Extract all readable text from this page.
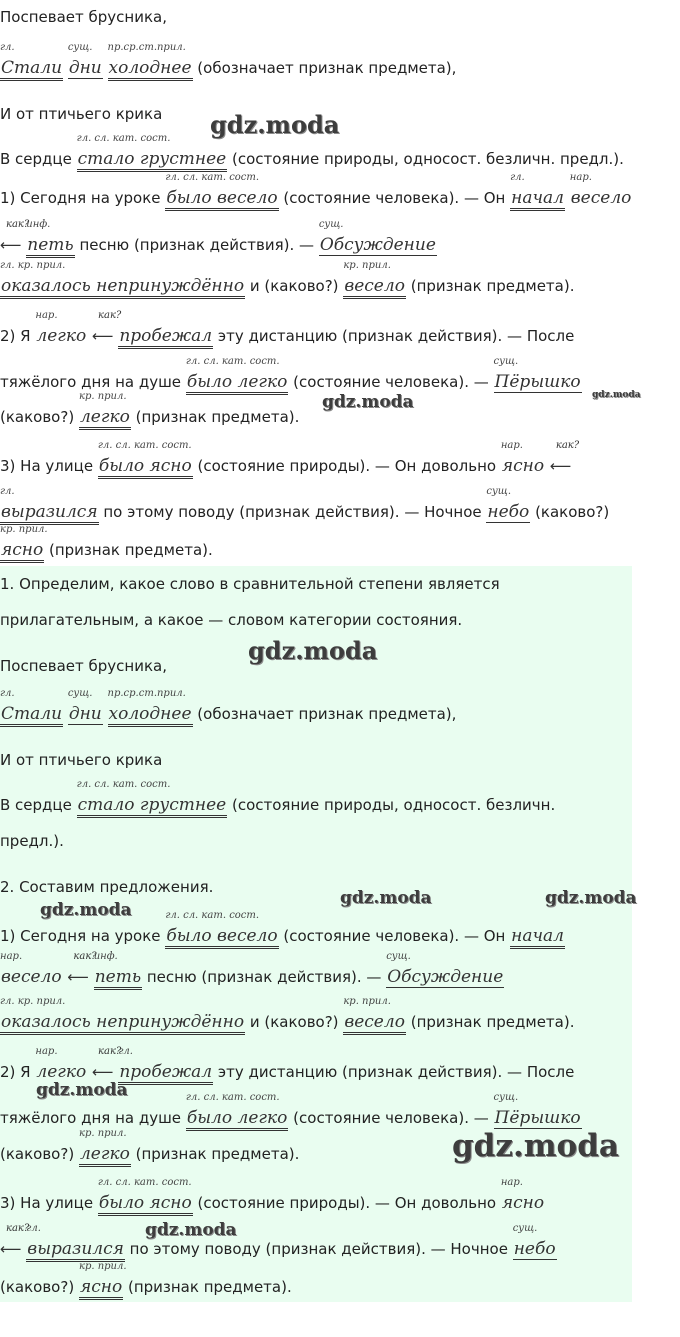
Поспевает брусника,
гл.
Стали
сущ.
дни
пр.ср.ст.прил.
холоднее (обозначает признак предмета),
И от птичьего крика
В сердце
гл. сл. кат. сост.
стало грустнее (состояние природы, односост. безличн. предл.).
1) Сегодня на уроке
гл. сл. кат. сост.
было весело (состояние человека). — Он
гл.
начал
нар.
весело
как?
⟵
инф.
петь песню (признак действия). —
сущ.
Обсуждение
гл. кр. прил.
оказалось непринуждённо и (каково?)
кр. прил.
весело (признак предмета).
2) Я
нар.
легко
как?
⟵ пробежал эту дистанцию (признак действия). — После
тяжёлого дня на душе
гл. сл. кат. сост.
было легко (состояние человека). —
сущ.
Пёрышко
(каково?)
кр. прил.
легко (признак предмета).
3) На улице
гл. сл. кат. сост.
было ясно (состояние природы). — Он довольно
нар.
ясно
как?
⟵
гл.
выразился по этому поводу (признак действия). — Ночное
сущ.
небо (каково?)
кр. прил.
ясно (признак предмета).
1. Определим, какое слово в сравнительной степени является
прилагательным, а какое — словом категории состояния.
Поспевает брусника,
гл.
Стали
сущ.
дни
пр.ср.ст.прил.
холоднее (обозначает признак предмета),
И от птичьего крика
В сердце
гл. сл. кат. сост.
стало грустнее (состояние природы, односост. безличн.
предл.).
2. Составим предложения.
1) Сегодня на уроке
гл. сл. кат. сост.
было весело (состояние человека). — Он начал
нар.
весело
как?
⟵
инф.
петь песню (признак действия). —
сущ.
Обсуждение
гл. кр. прил.
оказалось непринуждённо и (каково?)
кр. прил.
весело (признак предмета).
2) Я
нар.
легко
как?
⟵
гл.
пробежал эту дистанцию (признак действия). — После
тяжёлого дня на душе
гл. сл. кат. сост.
было легко (состояние человека). —
сущ.
Пёрышко
(каково?)
кр. прил.
легко (признак предмета).
3) На улице
гл. сл. кат. сост.
было ясно (состояние природы). — Он довольно
нар.
ясно
как?
⟵
гл.
выразился по этому поводу (признак действия). — Ночное
сущ.
небо
(каково?)
кр. прил.
ясно (признак предмета).
gdz.moda
gdz.moda	gdz.moda
gdz.moda
gdz.moda	gdz.moda
gdz.moda
gdz.moda
gdz.moda
gdz.moda
